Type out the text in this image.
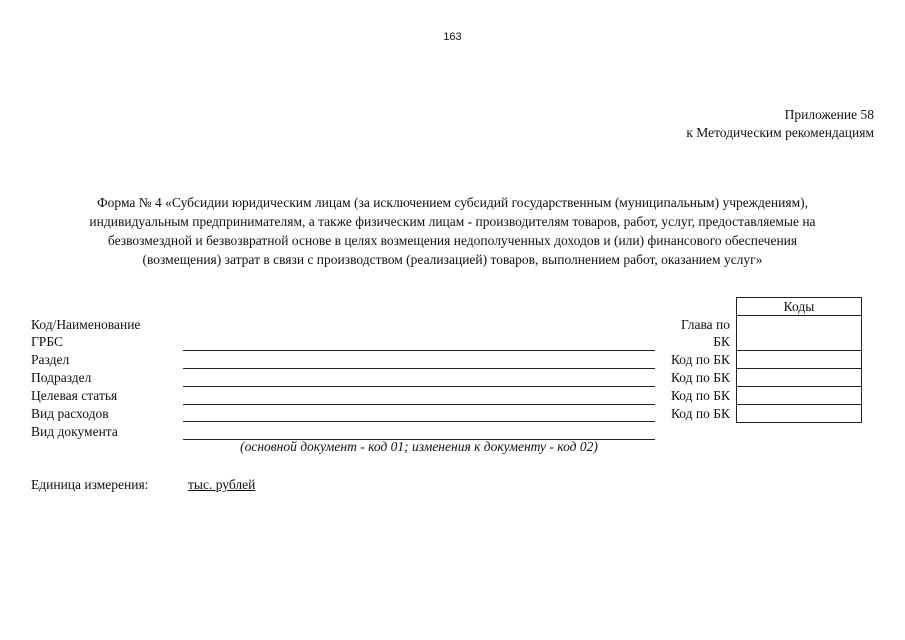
163
Приложение 58
к Методическим рекомендациям
Форма № 4 «Субсидии юридическим лицам (за исключением субсидий государственным (муниципальным) учреждениям),
индивидуальным предпринимателям, а также физическим лицам - производителям товаров, работ, услуг, предоставляемые на
безвозмездной и безвозвратной основе в целях возмещения недополученных доходов и (или) финансового обеспечения
(возмещения) затрат в связи с производством (реализацией) товаров, выполнением работ, оказанием услуг»
Коды
Код/Наименование
ГРБС
Раздел
Подраздел
Целевая статья
Вид расходов
Вид документа
Глава по
БК
Код по БК
Код по БК
Код по БК
Код по БК
(основной документ - код 01; изменения к документу - код 02)
Единица измерения:	тыс. рублей
